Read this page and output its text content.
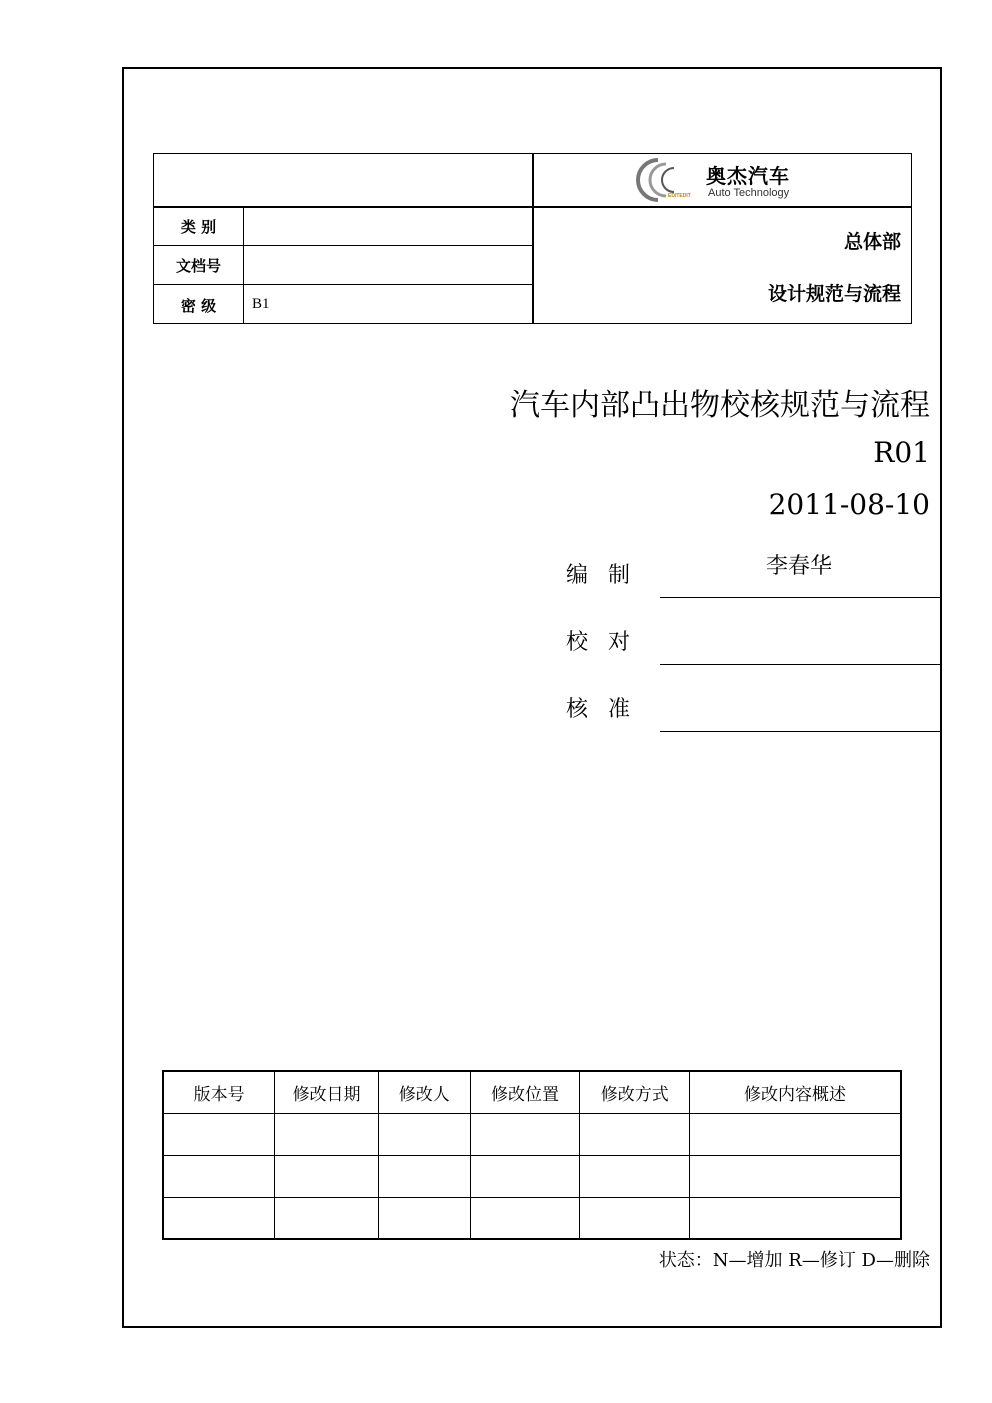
EDITEDIT
奥杰汽车
Auto Technology
类 别
文档号
密 级	B1
总体部
设计规范与流程
汽车内部凸出物校核规范与流程
R01
2011-08-10
编制	李春华
校对
核准
版本号	修改日期	修改人	修改位置	修改方式	修改内容概述

状态：N—增加 R—修订 D—删除
